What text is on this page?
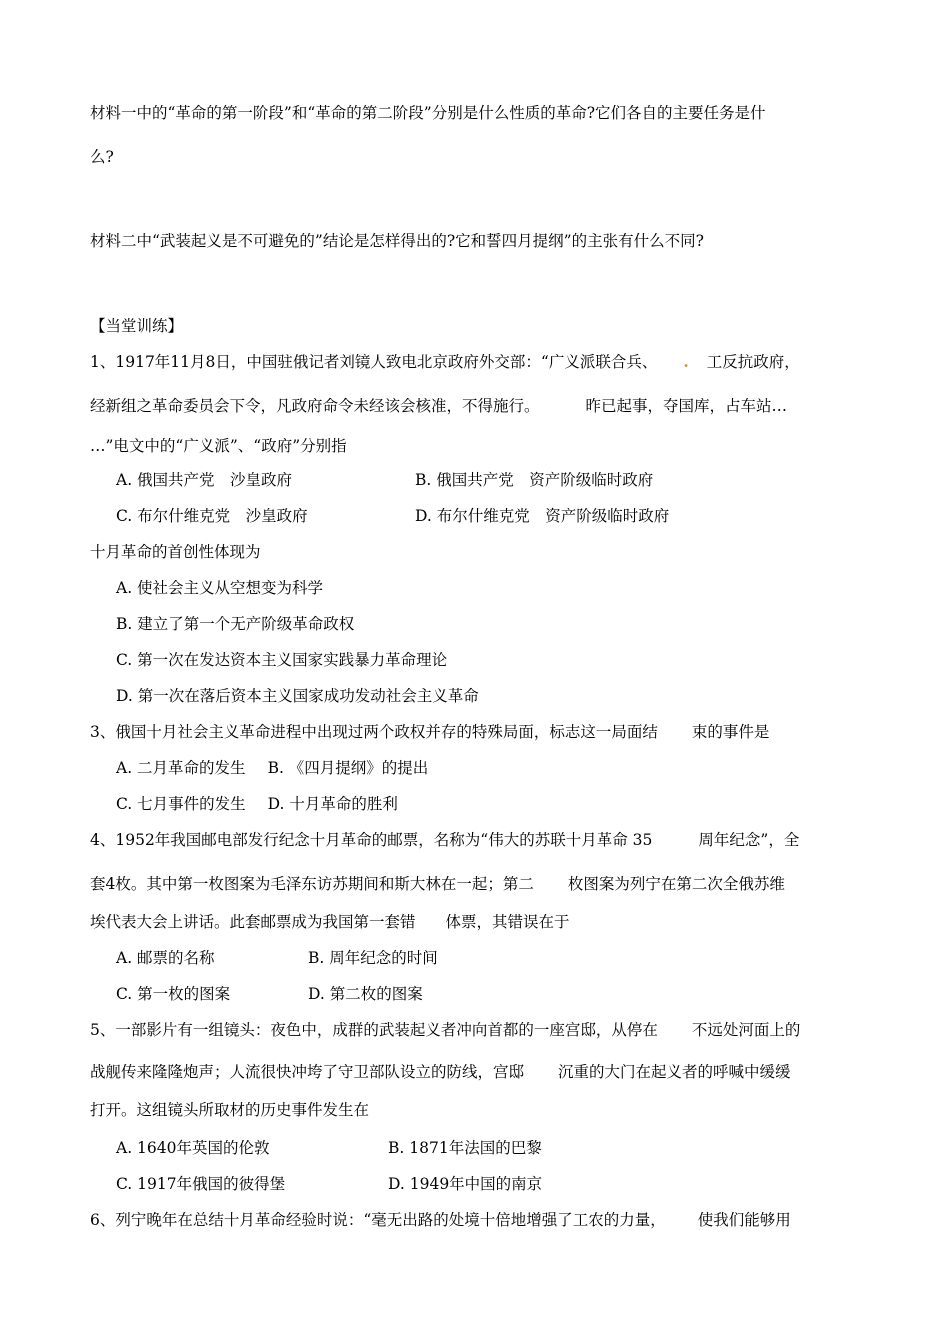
材料一中的“革命的第一阶段”和“革命的第二阶段”分别是什么性质的革命?它们各自的主要任务是什
么?
材料二中“武装起义是不可避免的”结论是怎样得出的?它和誓四月提纲”的主张有什么不同?
【当堂训练】
1、1917年11月8日，中国驻俄记者刘镜人致电北京政府外交部：“广义派联合兵、 . 工反抗政府，
经新组之革命委员会下令，凡政府命令未经该会核准，不得施行。	昨已起事，夺国库，占车站…
…”电文中的“广义派”、“政府”分别指
A. 俄国共产党　沙皇政府	B. 俄国共产党　资产阶级临时政府
C. 布尔什维克党　沙皇政府	D. 布尔什维克党　资产阶级临时政府
十月革命的首创性体现为
A. 使社会主义从空想变为科学
B. 建立了第一个无产阶级革命政权
C. 第一次在发达资本主义国家实践暴力革命理论
D. 第一次在落后资本主义国家成功发动社会主义革命
3、俄国十月社会主义革命进程中出现过两个政权并存的特殊局面，标志这一局面结 束的事件是
A. 二月革命的发生 B. 《四月提纲》的提出
C. 七月事件的发生 D. 十月革命的胜利
4、1952年我国邮电部发行纪念十月革命的邮票，名称为“伟大的苏联十月革命 35	周年纪念”，全
套4枚。其中第一枚图案为毛泽东访苏期间和斯大林在一起；第二 枚图案为列宁在第二次全俄苏维
埃代表大会上讲话。此套邮票成为我国第一套错 体票，其错误在于
A. 邮票的名称	B. 周年纪念的时间
C. 第一枚的图案	D. 第二枚的图案
5、一部影片有一组镜头：夜色中，成群的武装起义者冲向首都的一座宫邸，从停在 不远处河面上的
战舰传来隆隆炮声；人流很快冲垮了守卫部队设立的防线，宫邸 沉重的大门在起义者的呼喊中缓缓
打开。这组镜头所取材的历史事件发生在
A. 1640年英国的伦敦	B. 1871年法国的巴黎
C. 1917年俄国的彼得堡	D. 1949年中国的南京
6、列宁晚年在总结十月革命经验时说：“毫无出路的处境十倍地增强了工农的力量， 使我们能够用
